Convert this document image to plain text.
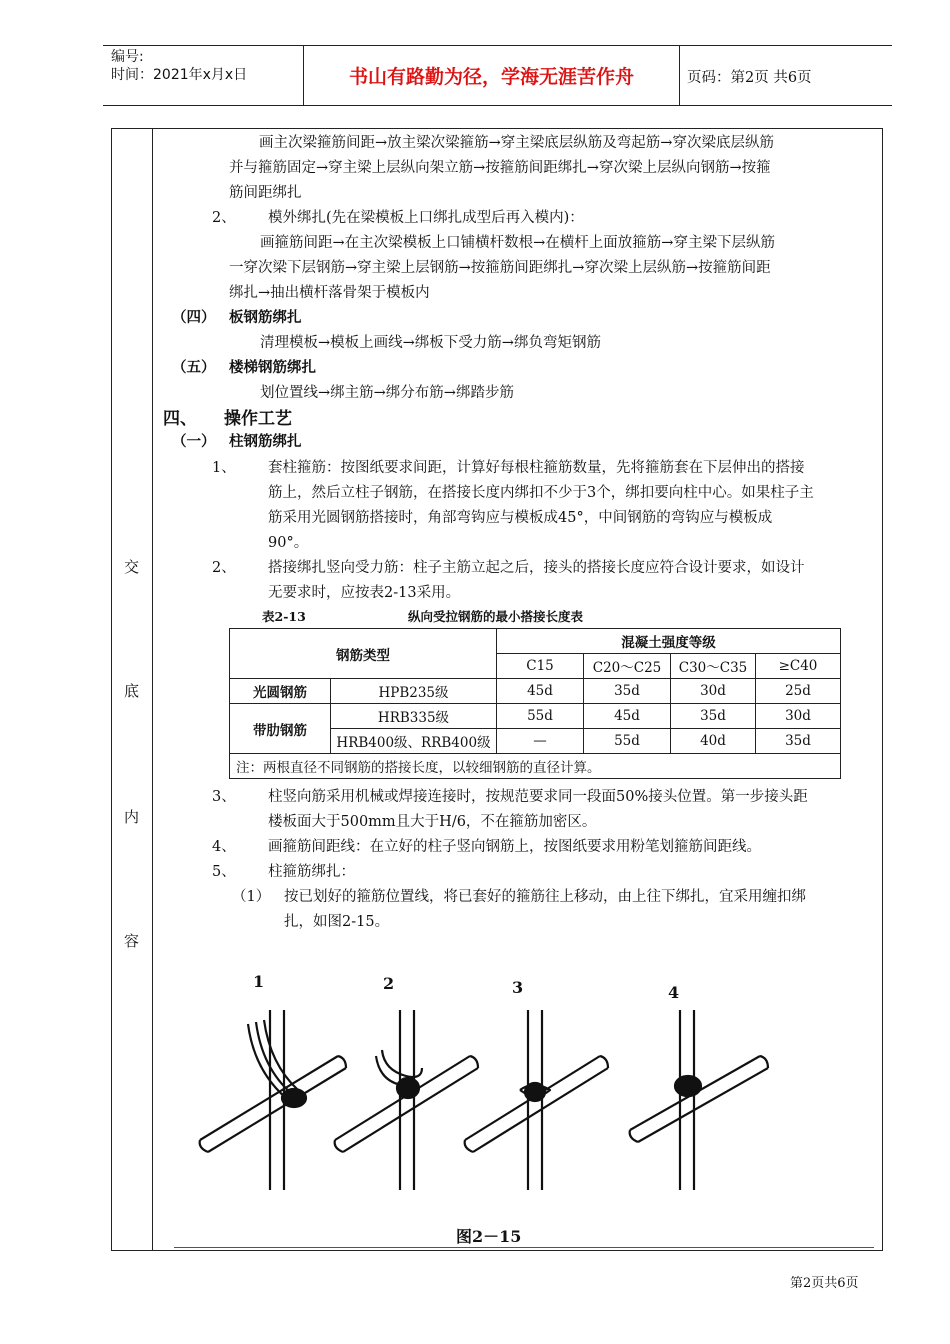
编号:
时间：2021年x月x日	书山有路勤为径，学海无涯苦作舟	页码：第2页 共6页
交
底
内
容
画主次梁箍筋间距→放主梁次梁箍筋→穿主梁底层纵筋及弯起筋→穿次梁底层纵筋
并与箍筋固定→穿主梁上层纵向架立筋→按箍筋间距绑扎→穿次梁上层纵向钢筋→按箍
筋间距绑扎
2、 模外绑扎(先在梁模板上口绑扎成型后再入模内)：
画箍筋间距→在主次梁模板上口铺横杆数根→在横杆上面放箍筋→穿主梁下层纵筋
一穿次梁下层钢筋→穿主梁上层钢筋→按箍筋间距绑扎→穿次梁上层纵筋→按箍筋间距
绑扎→抽出横杆落骨架于模板内
（四） 板钢筋绑扎
清理模板→模板上画线→绑板下受力筋→绑负弯矩钢筋
（五） 楼梯钢筋绑扎
划位置线→绑主筋→绑分布筋→绑踏步筋
四、 操作工艺
（一） 柱钢筋绑扎
1、 套柱箍筋：按图纸要求间距，计算好每根柱箍筋数量，先将箍筋套在下层伸出的搭接
筋上，然后立柱子钢筋，在搭接长度内绑扣不少于3个，绑扣要向柱中心。如果柱子主
筋采用光圆钢筋搭接时，角部弯钩应与模板成45°，中间钢筋的弯钩应与模板成
90°。
2、 搭接绑扎竖向受力筋：柱子主筋立起之后，接头的搭接长度应符合设计要求，如设计
无要求时，应按表2-13采用。
表2-13	纵向受拉钢筋的最小搭接长度表
钢筋类型		混凝土强度等级			
		C15	C20～C25	C30～C35	≥C40
光圆钢筋	HPB235级	45d	35d	30d	25d
带肋钢筋	HRB335级	55d	45d	35d	30d
	HRB400级、RRB400级	—	55d	40d	35d
注：两根直径不同钢筋的搭接长度，以较细钢筋的直径计算。					
3、 柱竖向筋采用机械或焊接连接时，按规范要求同一段面50%接头位置。第一步接头距
楼板面大于500mm且大于H/6，不在箍筋加密区。
4、 画箍筋间距线：在立好的柱子竖向钢筋上，按图纸要求用粉笔划箍筋间距线。
5、 柱箍筋绑扎：
（1） 按已划好的箍筋位置线，将已套好的箍筋往上移动，由上往下绑扎，宜采用缠扣绑
扎，如图2-15。
1	2	3	4
图2－15
第2页共6页
